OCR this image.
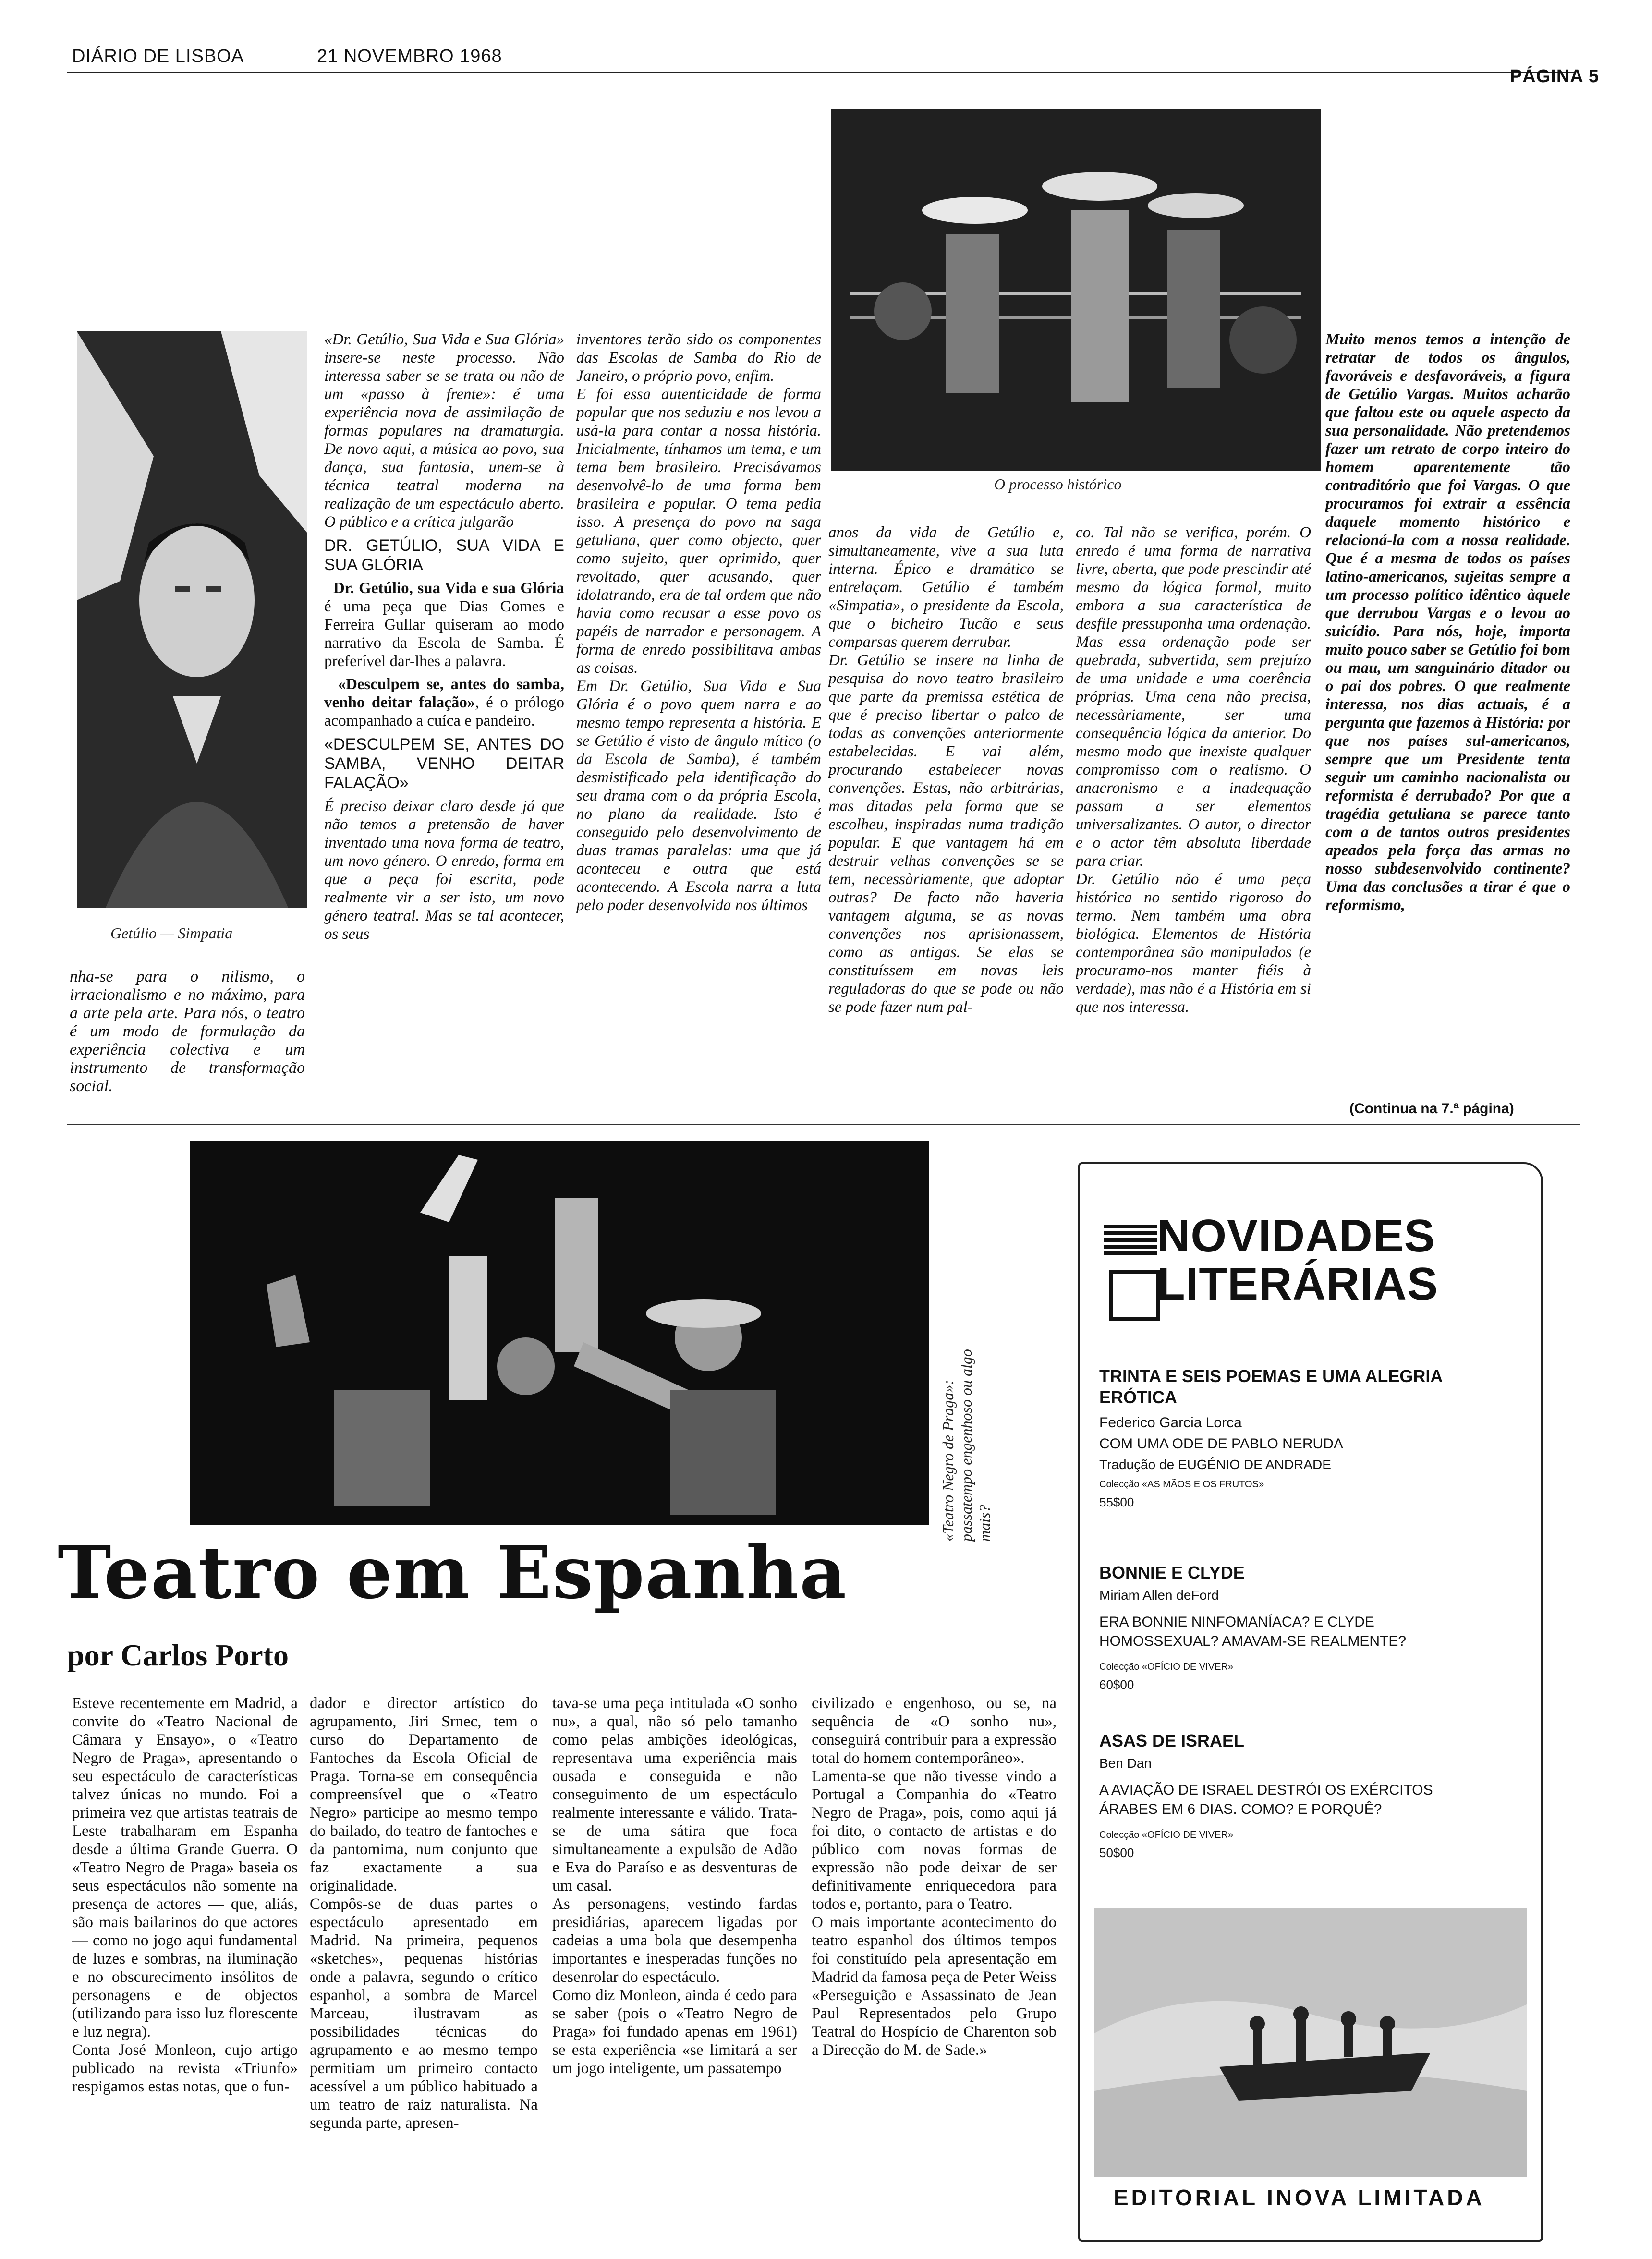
DIÁRIO DE LISBOA	21 NOVEMBRO 1968
PÁGINA 5
Getúlio — Simpatia
O processo histórico
nha-se para o nilismo, o irracionalismo e no máximo, para a arte pela arte. Para nós, o teatro é um modo de formulação da experiência colectiva e um instrumento de transformação social.

«Dr. Getúlio, Sua Vida e Sua Glória» insere-se neste processo. Não interessa saber se se trata ou não de um «passo à frente»: é uma experiência nova de assimilação de formas populares na dramaturgia. De novo aqui, a música ao povo, sua dança, sua fantasia, unem-se à técnica teatral moderna na realização de um espectáculo aberto. O público e a crítica julgarão

DR. GETÚLIO, SUA VIDA E SUA GLÓRIA

Dr. Getúlio, sua Vida e sua Glória é uma peça que Dias Gomes e Ferreira Gullar quiseram ao modo narrativo da Escola de Samba. É preferível dar-lhes a palavra.

«Desculpem se, antes do samba, venho deitar falação», é o prólogo acompanhado a cuíca e pandeiro.

«DESCULPEM SE, ANTES DO SAMBA, VENHO DEITAR FALAÇÃO»

É preciso deixar claro desde já que não temos a pretensão de haver inventado uma nova forma de teatro, um novo género. O enredo, forma em que a peça foi escrita, pode realmente vir a ser isto, um novo género teatral. Mas se tal acontecer, os seus

inventores terão sido os componentes das Escolas de Samba do Rio de Janeiro, o próprio povo, enfim.
E foi essa autenticidade de forma popular que nos seduziu e nos levou a usá-la para contar a nossa história. Inicialmente, tínhamos um tema, e um tema bem brasileiro. Precisávamos desenvolvê-lo de uma forma bem brasileira e popular. O tema pedia isso. A presença do povo na saga getuliana, quer como objecto, quer como sujeito, quer oprimido, quer revoltado, quer acusando, quer idolatrando, era de tal ordem que não havia como recusar a esse povo os papéis de narrador e personagem. A forma de enredo possibilitava ambas as coisas.
Em Dr. Getúlio, Sua Vida e Sua Glória é o povo quem narra e ao mesmo tempo representa a história. E se Getúlio é visto de ângulo mítico (o da Escola de Samba), é também desmistificado pela identificação do seu drama com o da própria Escola, no plano da realidade. Isto é conseguido pelo desenvolvimento de duas tramas paralelas: uma que já aconteceu e outra que está acontecendo. A Escola narra a luta pelo poder desenvolvida nos últimos

anos da vida de Getúlio e, simultaneamente, vive a sua luta interna. Épico e dramático se entrelaçam. Getúlio é também «Simpatia», o presidente da Escola, que o bicheiro Tucão e seus comparsas querem derrubar.
Dr. Getúlio se insere na linha de pesquisa do novo teatro brasileiro que parte da premissa estética de que é preciso libertar o palco de todas as convenções anteriormente estabelecidas. E vai além, procurando estabelecer novas convenções. Estas, não arbitrárias, mas ditadas pela forma que se escolheu, inspiradas numa tradição popular. E que vantagem há em destruir velhas convenções se se tem, necessàriamente, que adoptar outras? De facto não haveria vantagem alguma, se as novas convenções nos aprisionassem, como as antigas. Se elas se constituíssem em novas leis reguladoras do que se pode ou não se pode fazer num pal-

co. Tal não se verifica, porém. O enredo é uma forma de narrativa livre, aberta, que pode prescindir até mesmo da lógica formal, muito embora a sua característica de desfile pressuponha uma ordenação. Mas essa ordenação pode ser quebrada, subvertida, sem prejuízo de uma unidade e uma coerência próprias. Uma cena não precisa, necessàriamente, ser uma consequência lógica da anterior. Do mesmo modo que inexiste qualquer compromisso com o realismo. O anacronismo e a inadequação passam a ser elementos universalizantes. O autor, o director e o actor têm absoluta liberdade para criar.
Dr. Getúlio não é uma peça histórica no sentido rigoroso do termo. Nem também uma obra biológica. Elementos de História contemporânea são manipulados (e procuramo-nos manter fiéis à verdade), mas não é a História em si que nos interessa.

Muito menos temos a intenção de retratar de todos os ângulos, favoráveis e desfavoráveis, a figura de Getúlio Vargas. Muitos acharão que faltou este ou aquele aspecto da sua personalidade. Não pretendemos fazer um retrato de corpo inteiro do homem aparentemente tão contraditório que foi Vargas. O que procuramos foi extrair a essência daquele momento histórico e relacioná-la com a nossa realidade. Que é a mesma de todos os países latino-americanos, sujeitas sempre a um processo político idêntico àquele que derrubou Vargas e o levou ao suicídio. Para nós, hoje, importa muito pouco saber se Getúlio foi bom ou mau, um sanguinário ditador ou o pai dos pobres. O que realmente interessa, nos dias actuais, é a pergunta que fazemos à História: por que nos países sul-americanos, sempre que um Presidente tenta seguir um caminho nacionalista ou reformista é derrubado? Por que a tragédia getuliana se parece tanto com a de tantos outros presidentes apeados pela força das armas no nosso subdesenvolvido continente? Uma das conclusões a tirar é que o reformismo,

(Continua na 7.ª página)
«Teatro Negro de Praga»: passatempo engenhoso ou algo mais?
Teatro em Espanha
por Carlos Porto

Esteve recentemente em Madrid, a convite do «Teatro Nacional de Câmara y Ensayo», o «Teatro Negro de Praga», apresentando o seu espectáculo de características talvez únicas no mundo. Foi a primeira vez que artistas teatrais de Leste trabalharam em Espanha desde a última Grande Guerra. O «Teatro Negro de Praga» baseia os seus espectáculos não somente na presença de actores — que, aliás, são mais bailarinos do que actores — como no jogo aqui fundamental de luzes e sombras, na iluminação e no obscurecimento insólitos de personagens e de objectos (utilizando para isso luz florescente e luz negra).
Conta José Monleon, cujo artigo publicado na revista «Triunfo» respigamos estas notas, que o fun-

dador e director artístico do agrupamento, Jiri Srnec, tem o curso do Departamento de Fantoches da Escola Oficial de Praga. Torna-se em consequência compreensível que o «Teatro Negro» participe ao mesmo tempo do bailado, do teatro de fantoches e da pantomima, num conjunto que faz exactamente a sua originalidade.
Compôs-se de duas partes o espectáculo apresentado em Madrid. Na primeira, pequenos «sketches», pequenas histórias onde a palavra, segundo o crítico espanhol, a sombra de Marcel Marceau, ilustravam as possibilidades técnicas do agrupamento e ao mesmo tempo permitiam um primeiro contacto acessível a um público habituado a um teatro de raiz naturalista. Na segunda parte, apresen-

tava-se uma peça intitulada «O sonho nu», a qual, não só pelo tamanho como pelas ambições ideológicas, representava uma experiência mais ousada e conseguida e não conseguimento de um espectáculo realmente interessante e válido. Trata-se de uma sátira que foca simultaneamente a expulsão de Adão e Eva do Paraíso e as desventuras de um casal.
As personagens, vestindo fardas presidiárias, aparecem ligadas por cadeias a uma bola que desempenha importantes e inesperadas funções no desenrolar do espectáculo.
Como diz Monleon, ainda é cedo para se saber (pois o «Teatro Negro de Praga» foi fundado apenas em 1961) se esta experiência «se limitará a ser um jogo inteligente, um passatempo

civilizado e engenhoso, ou se, na sequência de «O sonho nu», conseguirá contribuir para a expressão total do homem contemporâneo».
Lamenta-se que não tivesse vindo a Portugal a Companhia do «Teatro Negro de Praga», pois, como aqui já foi dito, o contacto de artistas e do público com novas formas de expressão não pode deixar de ser definitivamente enriquecedora para todos e, portanto, para o Teatro.
O mais importante acontecimento do teatro espanhol dos últimos tempos foi constituído pela apresentação em Madrid da famosa peça de Peter Weiss «Perseguição e Assassinato de Jean Paul Representados pelo Grupo Teatral do Hospício de Charenton sob a Direcção do M. de Sade.»

NOVIDADES
LITERÁRIAS
TRINTA E SEIS POEMAS E UMA ALEGRIA ERÓTICA
Federico Garcia Lorca
COM UMA ODE DE PABLO NERUDA
Tradução de EUGÉNIO DE ANDRADE
Colecção «AS MÃOS E OS FRUTOS»
55$00
BONNIE E CLYDE
Miriam Allen deFord
ERA BONNIE NINFOMANÍACA? E CLYDE HOMOSSEXUAL? AMAVAM-SE REALMENTE?
Colecção «OFÍCIO DE VIVER»
60$00
ASAS DE ISRAEL
Ben Dan
A AVIAÇÃO DE ISRAEL DESTRÓI OS EXÉRCITOS ÁRABES EM 6 DIAS. COMO? E PORQUÊ?
Colecção «OFÍCIO DE VIVER»
50$00
EDITORIAL INOVA LIMITADA
